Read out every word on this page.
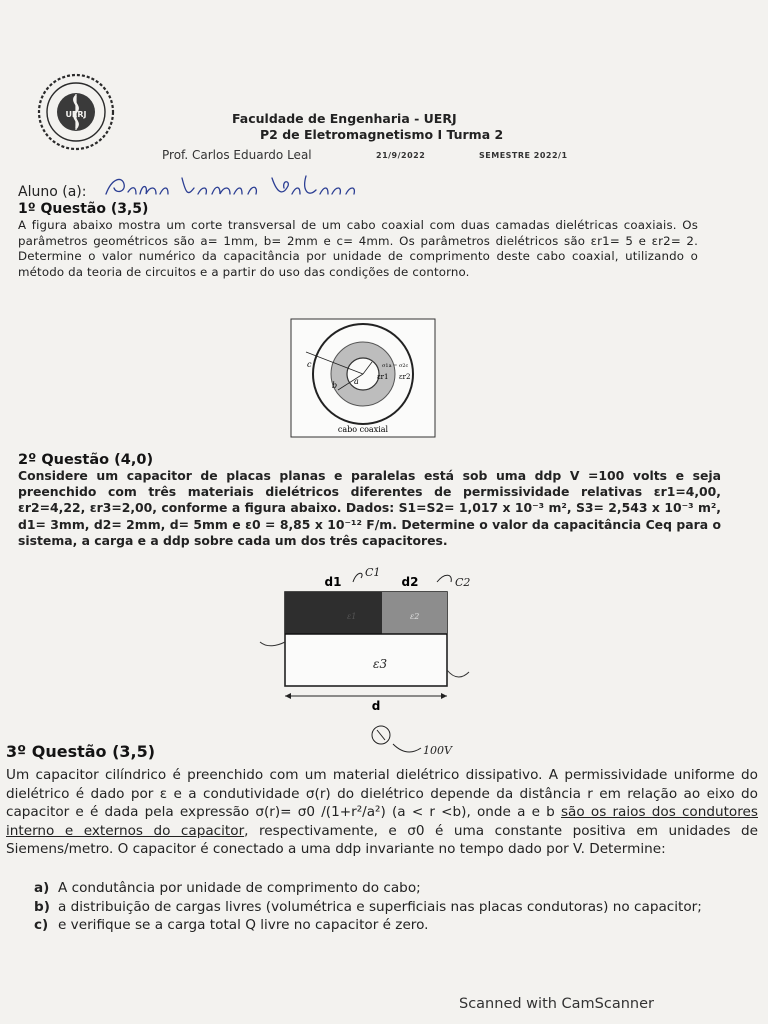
UERJ	Faculdade de Engenharia - UERJ
P2 de Eletromagnetismo I Turma 2
Prof. Carlos Eduardo Leal	21/9/2022	SEMESTRE 2022/1
Aluno (a):
1º Questão (3,5)
A figura abaixo mostra um corte transversal de um cabo coaxial com duas camadas dielétricas coaxiais. Os parâmetros geométricos são a= 1mm, b= 2mm e c= 4mm. Os parâmetros dielétricos são εr1= 5 e εr2= 2. Determine o valor numérico da capacitância por unidade de comprimento deste cabo coaxial, utilizando o método da teoria de circuitos e a partir do uso das condições de contorno.
c
b a
σ1a = σ2c
εr1 εr2
cabo coaxial
2º Questão (4,0)
Considere um capacitor de placas planas e paralelas está sob uma ddp V =100 volts e seja preenchido com três materiais dielétricos diferentes de permissividade relativas εr1=4,00, εr2=4,22, εr3=2,00, conforme a figura abaixo. Dados: S1=S2= 1,017 x 10⁻³ m², S3= 2,543 x 10⁻³ m², d1= 3mm, d2= 2mm, d= 5mm e ε0 = 8,85 x 10⁻¹² F/m. Determine o valor da capacitância Ceq para o sistema, a carga e a ddp sobre cada um dos três capacitores.
d1	d2
C1
C2
ε1	ε2
ε3
d
100V
3º Questão (3,5)
Um capacitor cilíndrico é preenchido com um material dielétrico dissipativo. A permissividade uniforme do dielétrico é dado por ε e a condutividade σ(r) do dielétrico depende da distância r em relação ao eixo do capacitor e é dada pela expressão σ(r)= σ0 /(1+r²/a²) (a < r <b), onde a e b são os raios dos condutores interno e externos do capacitor, respectivamente, e σ0 é uma constante positiva em unidades de Siemens/metro. O capacitor é conectado a uma ddp invariante no tempo dado por V. Determine:
a) A condutância por unidade de comprimento do cabo;
b) a distribuição de cargas livres (volumétrica e superficiais nas placas condutoras) no capacitor;
c) e verifique se a carga total Q livre no capacitor é zero.
Scanned with CamScanner
